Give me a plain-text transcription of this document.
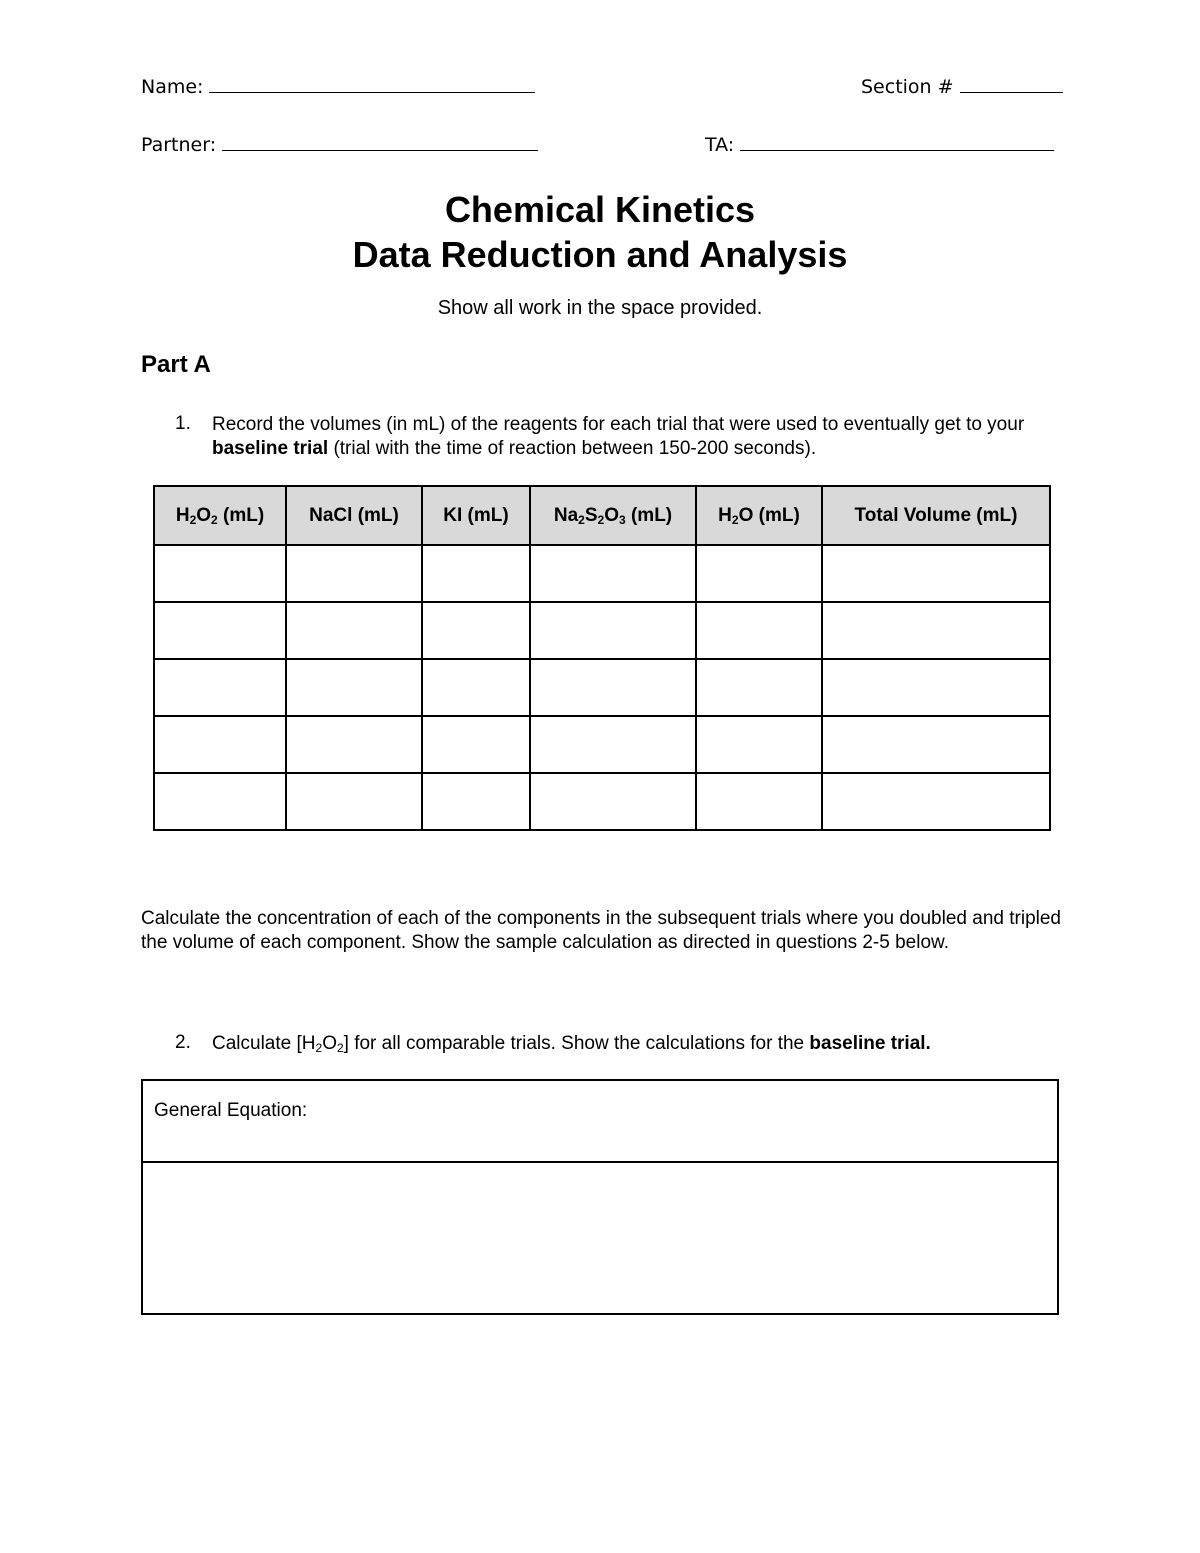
Name:	Section #
Partner:	TA:
Chemical Kinetics
Data Reduction and Analysis
Show all work in the space provided.
Part A
1. Record the volumes (in mL) of the reagents for each trial that were used to eventually get to your baseline trial (trial with the time of reaction between 150-200 seconds).
$H_2O_2$ (mL)	NaCl (mL)	KI (mL)	$Na_2S_2O_3$ (mL)	$H_2O$ (mL)	Total Volume (mL)

Calculate the concentration of each of the components in the subsequent trials where you doubled and tripled the volume of each component. Show the sample calculation as directed in questions 2-5 below.
2. Calculate $[H_2O_2]$ for all comparable trials. Show the calculations for the baseline trial.
General Equation:
